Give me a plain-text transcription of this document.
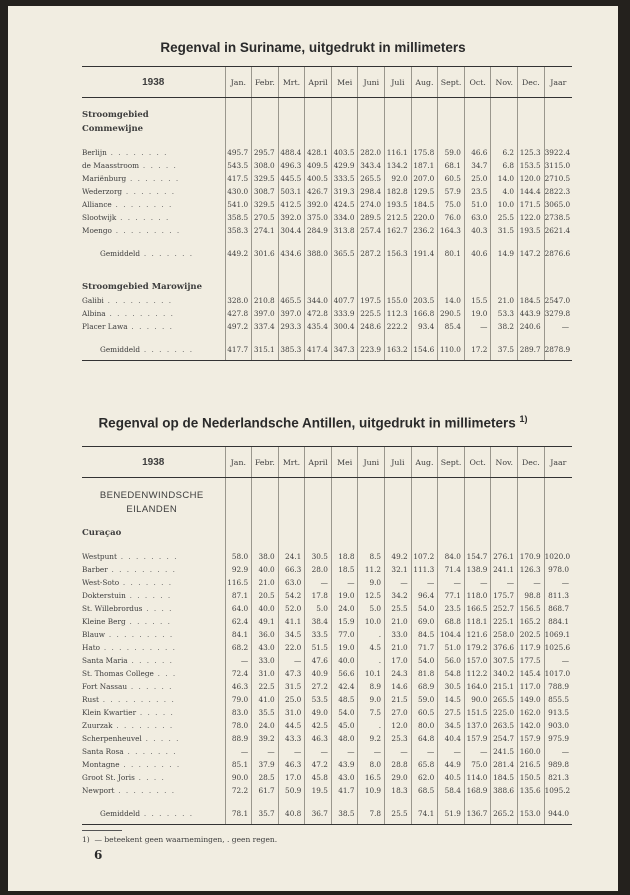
Regenval in Suriname, uitgedrukt in millimeters
Regenval op de Nederlandsche Antillen, uitgedrukt in millimeters $^{1)}$
1938	Jan.	Febr.	Mrt.	April	Mei	Juni	Juli	Aug.	Sept.	Oct.	Nov.	Dec.	Jaar

Stroomgebied													
Commewijne													

Berlijn . . . . . . . .	495.7	295.7	488.4	428.1	403.5	282.0	116.1	175.8	59.0	46.6	6.2	125.3	3922.4
de Maasstroom . . . . .	543.5	308.0	496.3	409.5	429.9	343.4	134.2	187.1	68.1	34.7	6.8	153.5	3115.0
Mariënburg . . . . . . .	417.5	329.5	445.5	400.5	333.5	265.5	92.0	207.0	60.5	25.0	14.0	120.0	2710.5
Wederzorg . . . . . . .	430.0	308.7	503.1	426.7	319.3	298.4	182.8	129.5	57.9	23.5	4.0	144.4	2822.3
Alliance . . . . . . . .	541.0	329.5	412.5	392.0	424.5	274.0	193.5	184.5	75.0	51.0	10.0	171.5	3065.0
Slootwijk . . . . . . .	358.5	270.5	392.0	375.0	334.0	289.5	212.5	220.0	76.0	63.0	25.5	122.0	2738.5
Moengo . . . . . . . . .	358.3	274.1	304.4	284.9	313.8	257.4	162.7	236.2	164.3	40.3	31.5	193.5	2621.4

Gemiddeld . . . . . . .	449.2	301.6	434.6	388.0	365.5	287.2	156.3	191.4	80.1	40.6	14.9	147.2	2876.6

Stroomgebied Marowijne													
Galibi . . . . . . . . .	328.0	210.8	465.5	344.0	407.7	197.5	155.0	203.5	14.0	15.5	21.0	184.5	2547.0
Albina . . . . . . . . .	427.8	397.0	397.0	472.8	333.9	225.5	112.3	166.8	290.5	19.0	53.3	443.9	3279.8
Placer Lawa . . . . . .	497.2	337.4	293.3	435.4	300.4	248.6	222.2	93.4	85.4	—	38.2	240.6	—

Gemiddeld . . . . . . .	417.7	315.1	385.3	417.4	347.3	223.9	163.2	154.6	110.0	17.2	37.5	289.7	2878.9

1938	Jan.	Febr.	Mrt.	April	Mei	Juni	Juli	Aug.	Sept.	Oct.	Nov.	Dec.	Jaar

BENEDENWINDSCHE													
EILANDEN													

Curaçao													

Westpunt . . . . . . . .	58.0	38.0	24.1	30.5	18.8	8.5	49.2	107.2	84.0	154.7	276.1	170.9	1020.0
Barber . . . . . . . . .	92.9	40.0	66.3	28.0	18.5	11.2	32.1	111.3	71.4	138.9	241.1	126.3	978.0
West-Soto . . . . . . .	116.5	21.0	63.0	—	—	9.0	—	—	—	—	—	—	—
Dokterstuin . . . . . .	87.1	20.5	54.2	17.8	19.0	12.5	34.2	96.4	77.1	118.0	175.7	98.8	811.3
St. Willebrordus . . . .	64.0	40.0	52.0	5.0	24.0	5.0	25.5	54.0	23.5	166.5	252.7	156.5	868.7
Kleine Berg . . . . . .	62.4	49.1	41.1	38.4	15.9	10.0	21.0	69.0	68.8	118.1	225.1	165.2	884.1
Blauw . . . . . . . . .	84.1	36.0	34.5	33.5	77.0	.	33.0	84.5	104.4	121.6	258.0	202.5	1069.1
Hato . . . . . . . . . .	68.2	43.0	22.0	51.5	19.0	4.5	21.0	71.7	51.0	179.2	376.6	117.9	1025.6
Santa Maria . . . . . .	—	33.0	—	47.6	40.0	.	17.0	54.0	56.0	157.0	307.5	177.5	—
St. Thomas College . . .	72.4	31.0	47.3	40.9	56.6	10.1	24.3	81.8	54.8	112.2	340.2	145.4	1017.0
Fort Nassau . . . . . .	46.3	22.5	31.5	27.2	42.4	8.9	14.6	68.9	30.5	164.0	215.1	117.0	788.9
Rust . . . . . . . . . .	79.0	41.0	25.0	53.5	48.5	9.0	21.5	59.0	14.5	90.0	265.5	149.0	855.5
Klein Kwartier . . . . .	83.0	35.5	31.0	49.0	54.0	7.5	27.0	60.5	27.5	151.5	225.0	162.0	913.5
Zuurzak . . . . . . . .	78.0	24.0	44.5	42.5	45.0	.	12.0	80.0	34.5	137.0	263.5	142.0	903.0
Scherpenheuvel . . . . .	88.9	39.2	43.3	46.3	48.0	9.2	25.3	64.8	40.4	157.9	254.7	157.9	975.9
Santa Rosa . . . . . . .	—	—	—	—	—	—	—	—	—	—	241.5	160.0	—
Montagne . . . . . . . .	85.1	37.9	46.3	47.2	43.9	8.0	28.8	65.8	44.9	75.0	281.4	216.5	989.8
Groot St. Joris . . . .	90.0	28.5	17.0	45.8	43.0	16.5	29.0	62.0	40.5	114.0	184.5	150.5	821.3
Newport . . . . . . . .	72.2	61.7	50.9	19.5	41.7	10.9	18.3	68.5	58.4	168.9	388.6	135.6	1095.2

Gemiddeld . . . . . . .	78.1	35.7	40.8	36.7	38.5	7.8	25.5	74.1	51.9	136.7	265.2	153.0	944.0

1) — beteekent geen waarnemingen, . geen regen.
6
